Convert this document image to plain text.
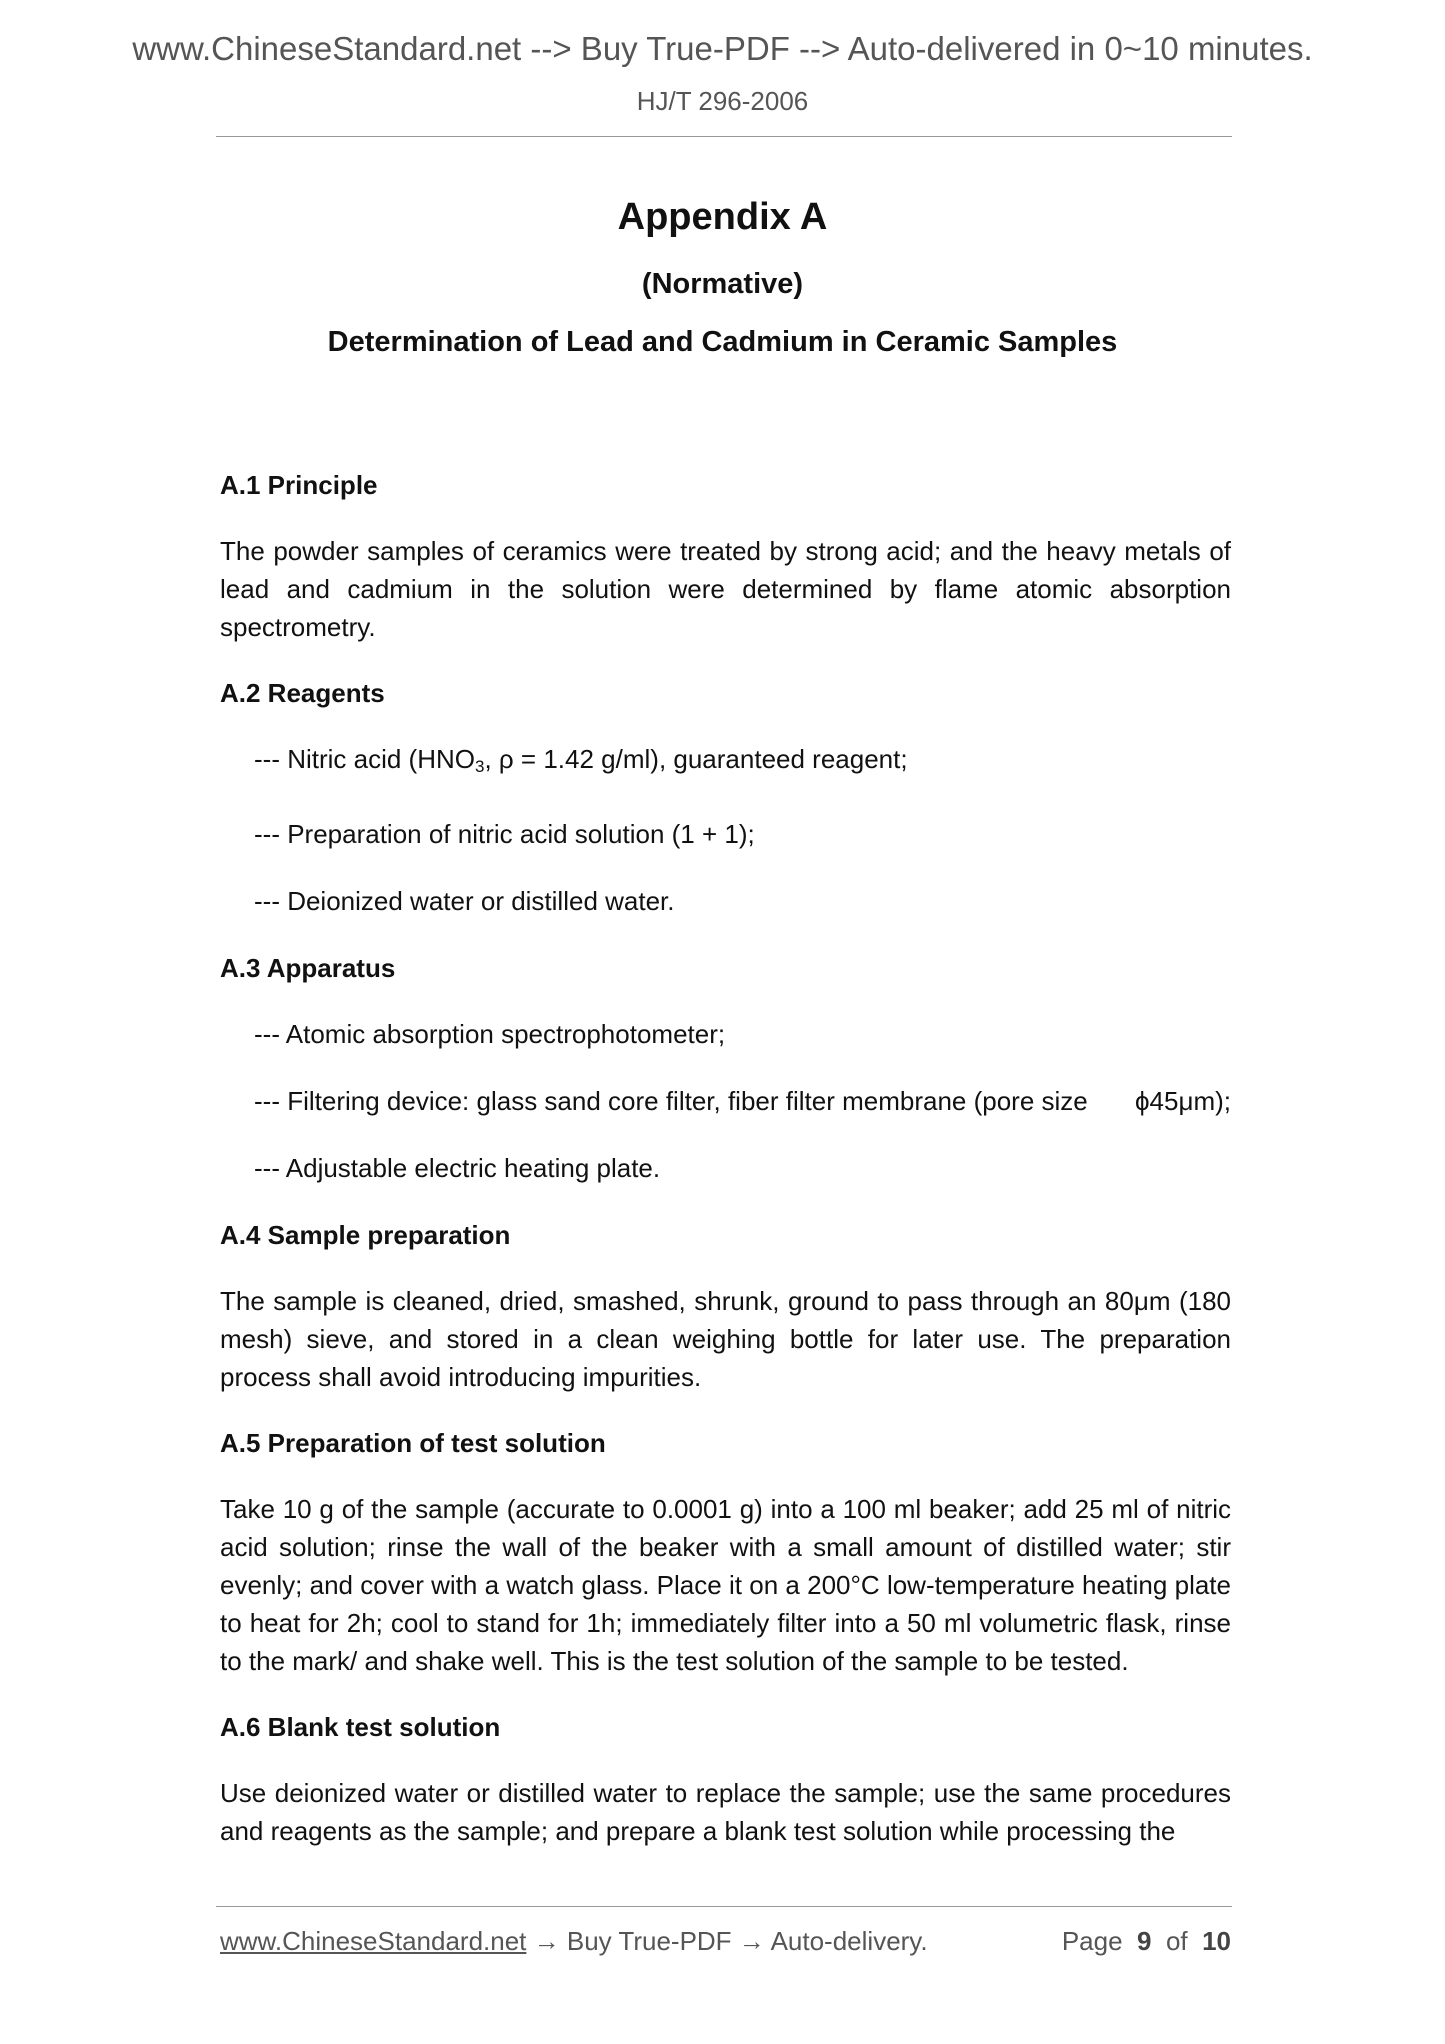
www.ChineseStandard.net --> Buy True-PDF --> Auto-delivered in 0~10 minutes.
HJ/T 296-2006
Appendix A
(Normative)
Determination of Lead and Cadmium in Ceramic Samples
A.1 Principle
The powder samples of ceramics were treated by strong acid; and the heavy metals of lead and cadmium in the solution were determined by flame atomic absorption spectrometry.
A.2 Reagents
--- Nitric acid ($HNO_3$, ρ = 1.42 g/ml), guaranteed reagent;
--- Preparation of nitric acid solution (1 + 1);
--- Deionized water or distilled water.
A.3 Apparatus
--- Atomic absorption spectrophotometer;
--- Filtering device: glass sand core filter, fiber filter membrane (pore size ϕ45μm);
--- Adjustable electric heating plate.
A.4 Sample preparation
The sample is cleaned, dried, smashed, shrunk, ground to pass through an 80μm (180 mesh) sieve, and stored in a clean weighing bottle for later use. The preparation process shall avoid introducing impurities.
A.5 Preparation of test solution
Take 10 g of the sample (accurate to 0.0001 g) into a 100 ml beaker; add 25 ml of nitric acid solution; rinse the wall of the beaker with a small amount of distilled water; stir evenly; and cover with a watch glass. Place it on a 200°C low-temperature heating plate to heat for 2h; cool to stand for 1h; immediately filter into a 50 ml volumetric flask, rinse to the mark/ and shake well. This is the test solution of the sample to be tested.
A.6 Blank test solution
Use deionized water or distilled water to replace the sample; use the same procedures and reagents as the sample; and prepare a blank test solution while processing the
www.ChineseStandard.net → Buy True-PDF → Auto-delivery.	Page 9 of 10
